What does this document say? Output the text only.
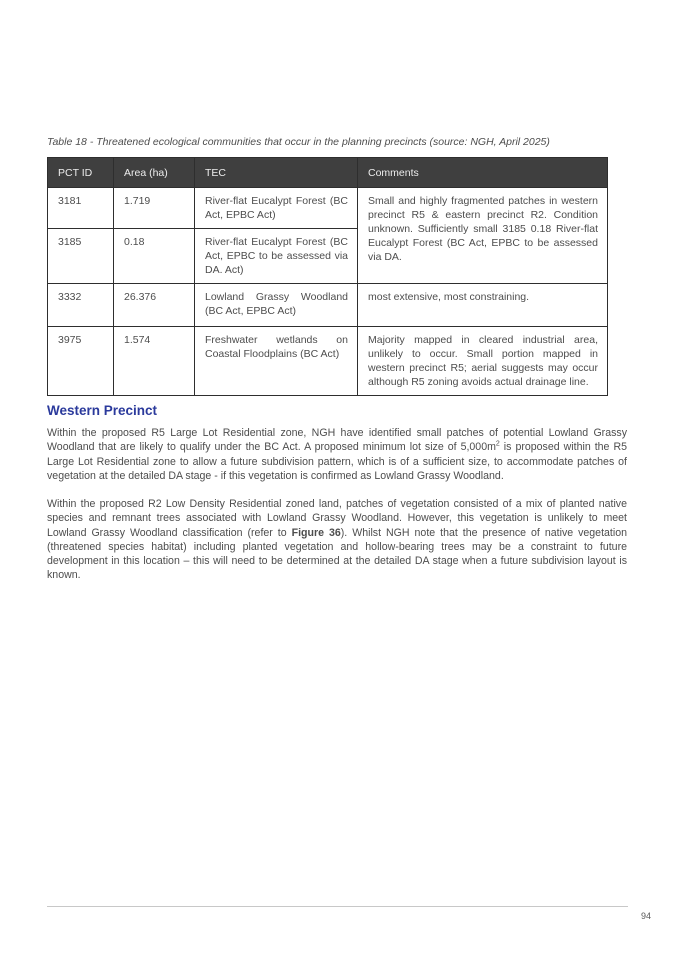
Table 18 - Threatened ecological communities that occur in the planning precincts (source: NGH, April 2025)
PCT ID	Area (ha)	TEC	Comments
3181	1.719	River-flat Eucalypt Forest (BC Act, EPBC Act)	Small and highly fragmented patches in western precinct R5 & eastern precinct R2. Condition unknown. Sufficiently small 3185 0.18 River-flat Eucalypt Forest (BC Act, EPBC to be assessed via DA.
3185	0.18	River-flat Eucalypt Forest (BC Act, EPBC to be assessed via DA. Act)	
3332	26.376	Lowland Grassy Woodland (BC Act, EPBC Act)	most extensive, most constraining.
3975	1.574	Freshwater wetlands on Coastal Floodplains (BC Act)	Majority mapped in cleared industrial area, unlikely to occur. Small portion mapped in western precinct R5; aerial suggests may occur although R5 zoning avoids actual drainage line.
Western Precinct

Within the proposed R5 Large Lot Residential zone, NGH have identified small patches of potential Lowland Grassy Woodland that are likely to qualify under the BC Act. A proposed minimum lot size of $5,000m^2$ is proposed within the R5 Large Lot Residential zone to allow a future subdivision pattern, which is of a sufficient size, to accommodate patches of vegetation at the detailed DA stage - if this vegetation is confirmed as Lowland Grassy Woodland.

Within the proposed R2 Low Density Residential zoned land, patches of vegetation consisted of a mix of planted native species and remnant trees associated with Lowland Grassy Woodland. However, this vegetation is unlikely to meet Lowland Grassy Woodland classification (refer to Figure 36). Whilst NGH note that the presence of native vegetation (threatened species habitat) including planted vegetation and hollow-bearing trees may be a constraint to future development in this location – this will need to be determined at the detailed DA stage when a future subdivision layout is known.

94
